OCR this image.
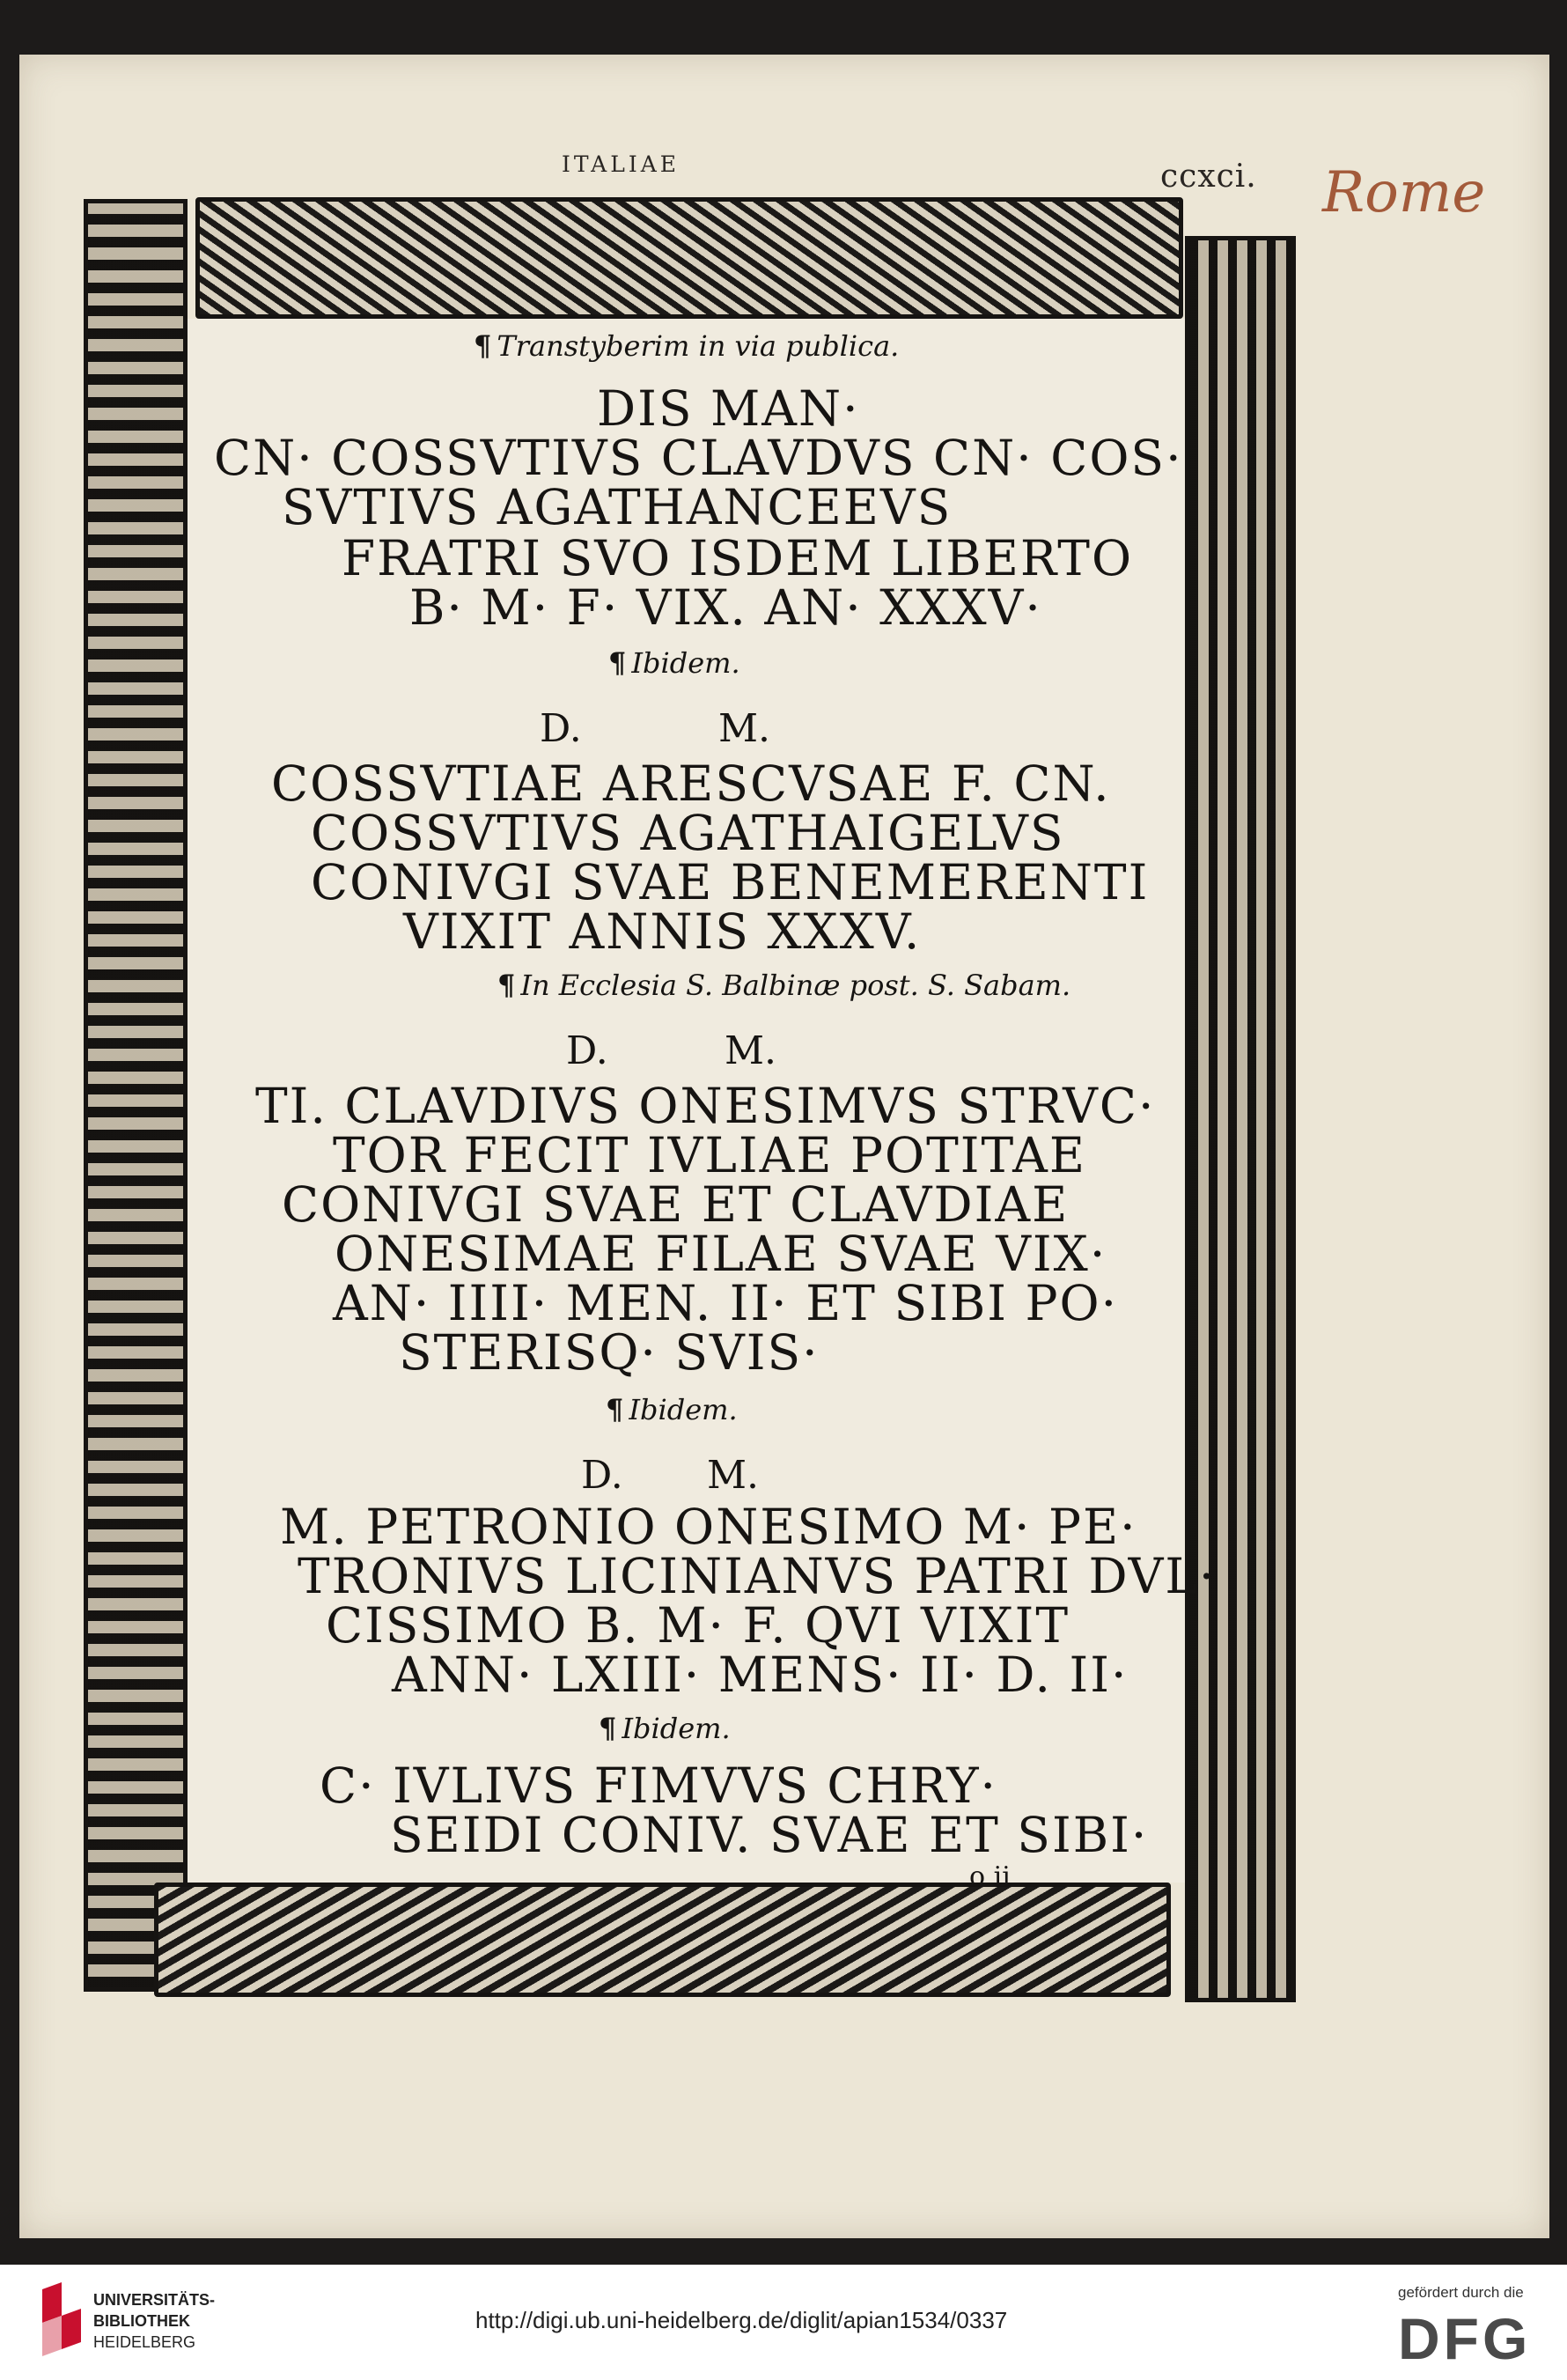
Rome
ITALIAE	ccxci.
¶ Transtyberim in via publica.
DIS MAN·
CN· COSSVTIVS CLAVDVS CN· COS·
SVTIVS AGATHANCEEVS
FRATRI SVO ISDEM LIBERTO
B· M· F· VIX. AN· XXXV·
¶ Ibidem.
D.	M.
COSSVTIAE ARESCVSAE F. CN.
COSSVTIVS AGATHAIGELVS
CONIVGI SVAE BENEMERENTI
VIXIT ANNIS XXXV.
¶ In Ecclesia S. Balbinæ post. S. Sabam.
D.	M.
TI. CLAVDIVS ONESIMVS STRVC·
TOR FECIT IVLIAE POTITAE
CONIVGI SVAE ET CLAVDIAE
ONESIMAE FILAE SVAE VIX·
AN· IIII· MEN. II· ET SIBI PO·
STERISQ· SVIS·
¶ Ibidem.
D. M.
M. PETRONIO ONESIMO M· PE·
TRONIVS LICINIANVS PATRI DVL·
CISSIMO B. M· F. QVI VIXIT
ANN· LXIII· MENS· II· D. II·
¶ Ibidem.
C· IVLIVS FIMVVS CHRY·
SEIDI CONIV. SVAE ET SIBI·
o ii
UNIVERSITÄTS-
BIBLIOTHEK
HEIDELBERG
http://digi.ub.uni-heidelberg.de/diglit/apian1534/0337
gefördert durch die
DFG
